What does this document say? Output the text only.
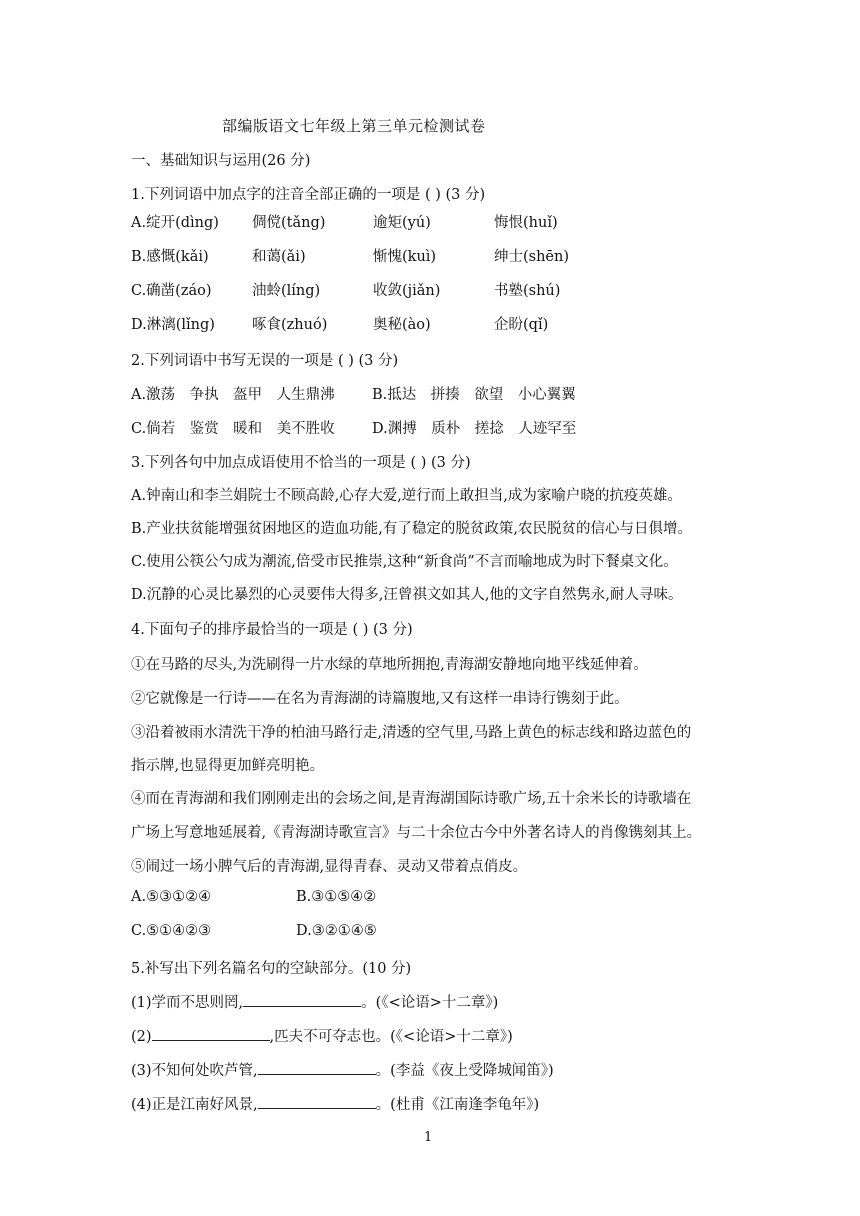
部编版语文七年级上第三单元检测试卷
一、基础知识与运用(26 分)
1.下列词语中加点字的注音全部正确的一项是 ( ) (3 分)
A.绽开(dìng) 倜傥(tǎng)	逾矩(yú)	悔恨(huǐ)
B.感慨(kǎi)	和蔼(ǎi)	惭愧(kuì)	绅士(shēn)
C.确凿(záo)	油蛉(líng)	收敛(jiǎn)	书塾(shú)
D.淋漓(lǐng)	啄食(zhuó)	奥秘(ào)	企盼(qǐ)
2.下列词语中书写无误的一项是 ( ) (3 分)
A.激荡　争执　盔甲　人生鼎沸	B.抵达　拼揍　欲望　小心翼翼
C.倘若　鉴赏　暖和　美不胜收	D.渊搏　质朴　搓捻　人迹罕至
3.下列各句中加点成语使用不恰当的一项是 ( ) (3 分)
A.钟南山和李兰娟院士不顾高龄,心存大爱,逆行而上敢担当,成为家喻户晓的抗疫英雄。
B.产业扶贫能增强贫困地区的造血功能,有了稳定的脱贫政策,农民脱贫的信心与日俱增。
C.使用公筷公勺成为潮流,倍受市民推崇,这种“新食尚”不言而喻地成为时下餐桌文化。
D.沉静的心灵比暴烈的心灵要伟大得多,汪曾祺文如其人,他的文字自然隽永,耐人寻味。
4.下面句子的排序最恰当的一项是 ( ) (3 分)
①在马路的尽头,为洗刷得一片水绿的草地所拥抱,青海湖安静地向地平线延伸着。
②它就像是一行诗——在名为青海湖的诗篇腹地,又有这样一串诗行镌刻于此。
③沿着被雨水清洗干净的柏油马路行走,清透的空气里,马路上黄色的标志线和路边蓝色的
指示牌,也显得更加鲜亮明艳。
④而在青海湖和我们刚刚走出的会场之间,是青海湖国际诗歌广场,五十余米长的诗歌墙在
广场上写意地延展着,《青海湖诗歌宣言》与二十余位古今中外著名诗人的肖像镌刻其上。
⑤闹过一场小脾气后的青海湖,显得青春、灵动又带着点俏皮。
A.⑤③①②④	B.③①⑤④②
C.⑤①④②③	D.③②①④⑤
5.补写出下列名篇名句的空缺部分。(10 分)
(1)学而不思则罔,	。(《<论语>十二章》)
(2)	,匹夫不可夺志也。(《<论语>十二章》)
(3)不知何处吹芦管,	。(李益《夜上受降城闻笛》)
(4)正是江南好风景,	。(杜甫《江南逢李龟年》)
1
